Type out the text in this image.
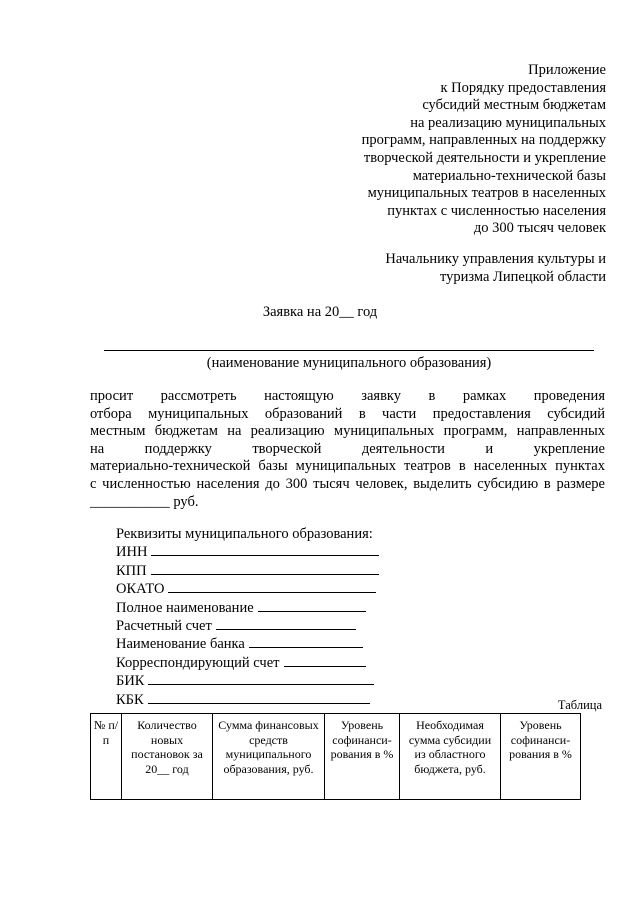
Приложение
к Порядку предоставления
субсидий местным бюджетам
на реализацию муниципальных
программ, направленных на поддержку
творческой деятельности и укрепление
материально-технической базы
муниципальных театров в населенных
пунктах с численностью населения
до 300 тысяч человек
Начальнику управления культуры и
туризма Липецкой области
Заявка на 20__ год
(наименование муниципального образования)
просит рассмотреть настоящую заявку в рамках проведения
отбора муниципальных образований в части предоставления субсидий
местным бюджетам на реализацию муниципальных программ, направленных
на поддержку творческой деятельности и укрепление
материально-технической базы муниципальных театров в населенных пунктах
с численностью населения до 300 тысяч человек, выделить субсидию в размере
___________ руб.
Реквизиты муниципального образования:
ИНН
КПП
ОКАТО
Полное наименование
Расчетный счет
Наименование банка
Корреспондирующий счет
БИК
КБК	Таблица
№ п/п	Количество новых постановок за 20__ год	Сумма финансовых средств муниципального образования, руб.	Уровень софинанси-рования в %	Необходимая сумма субсидии из областного бюджета, руб.	Уровень софинанси-рования в %
